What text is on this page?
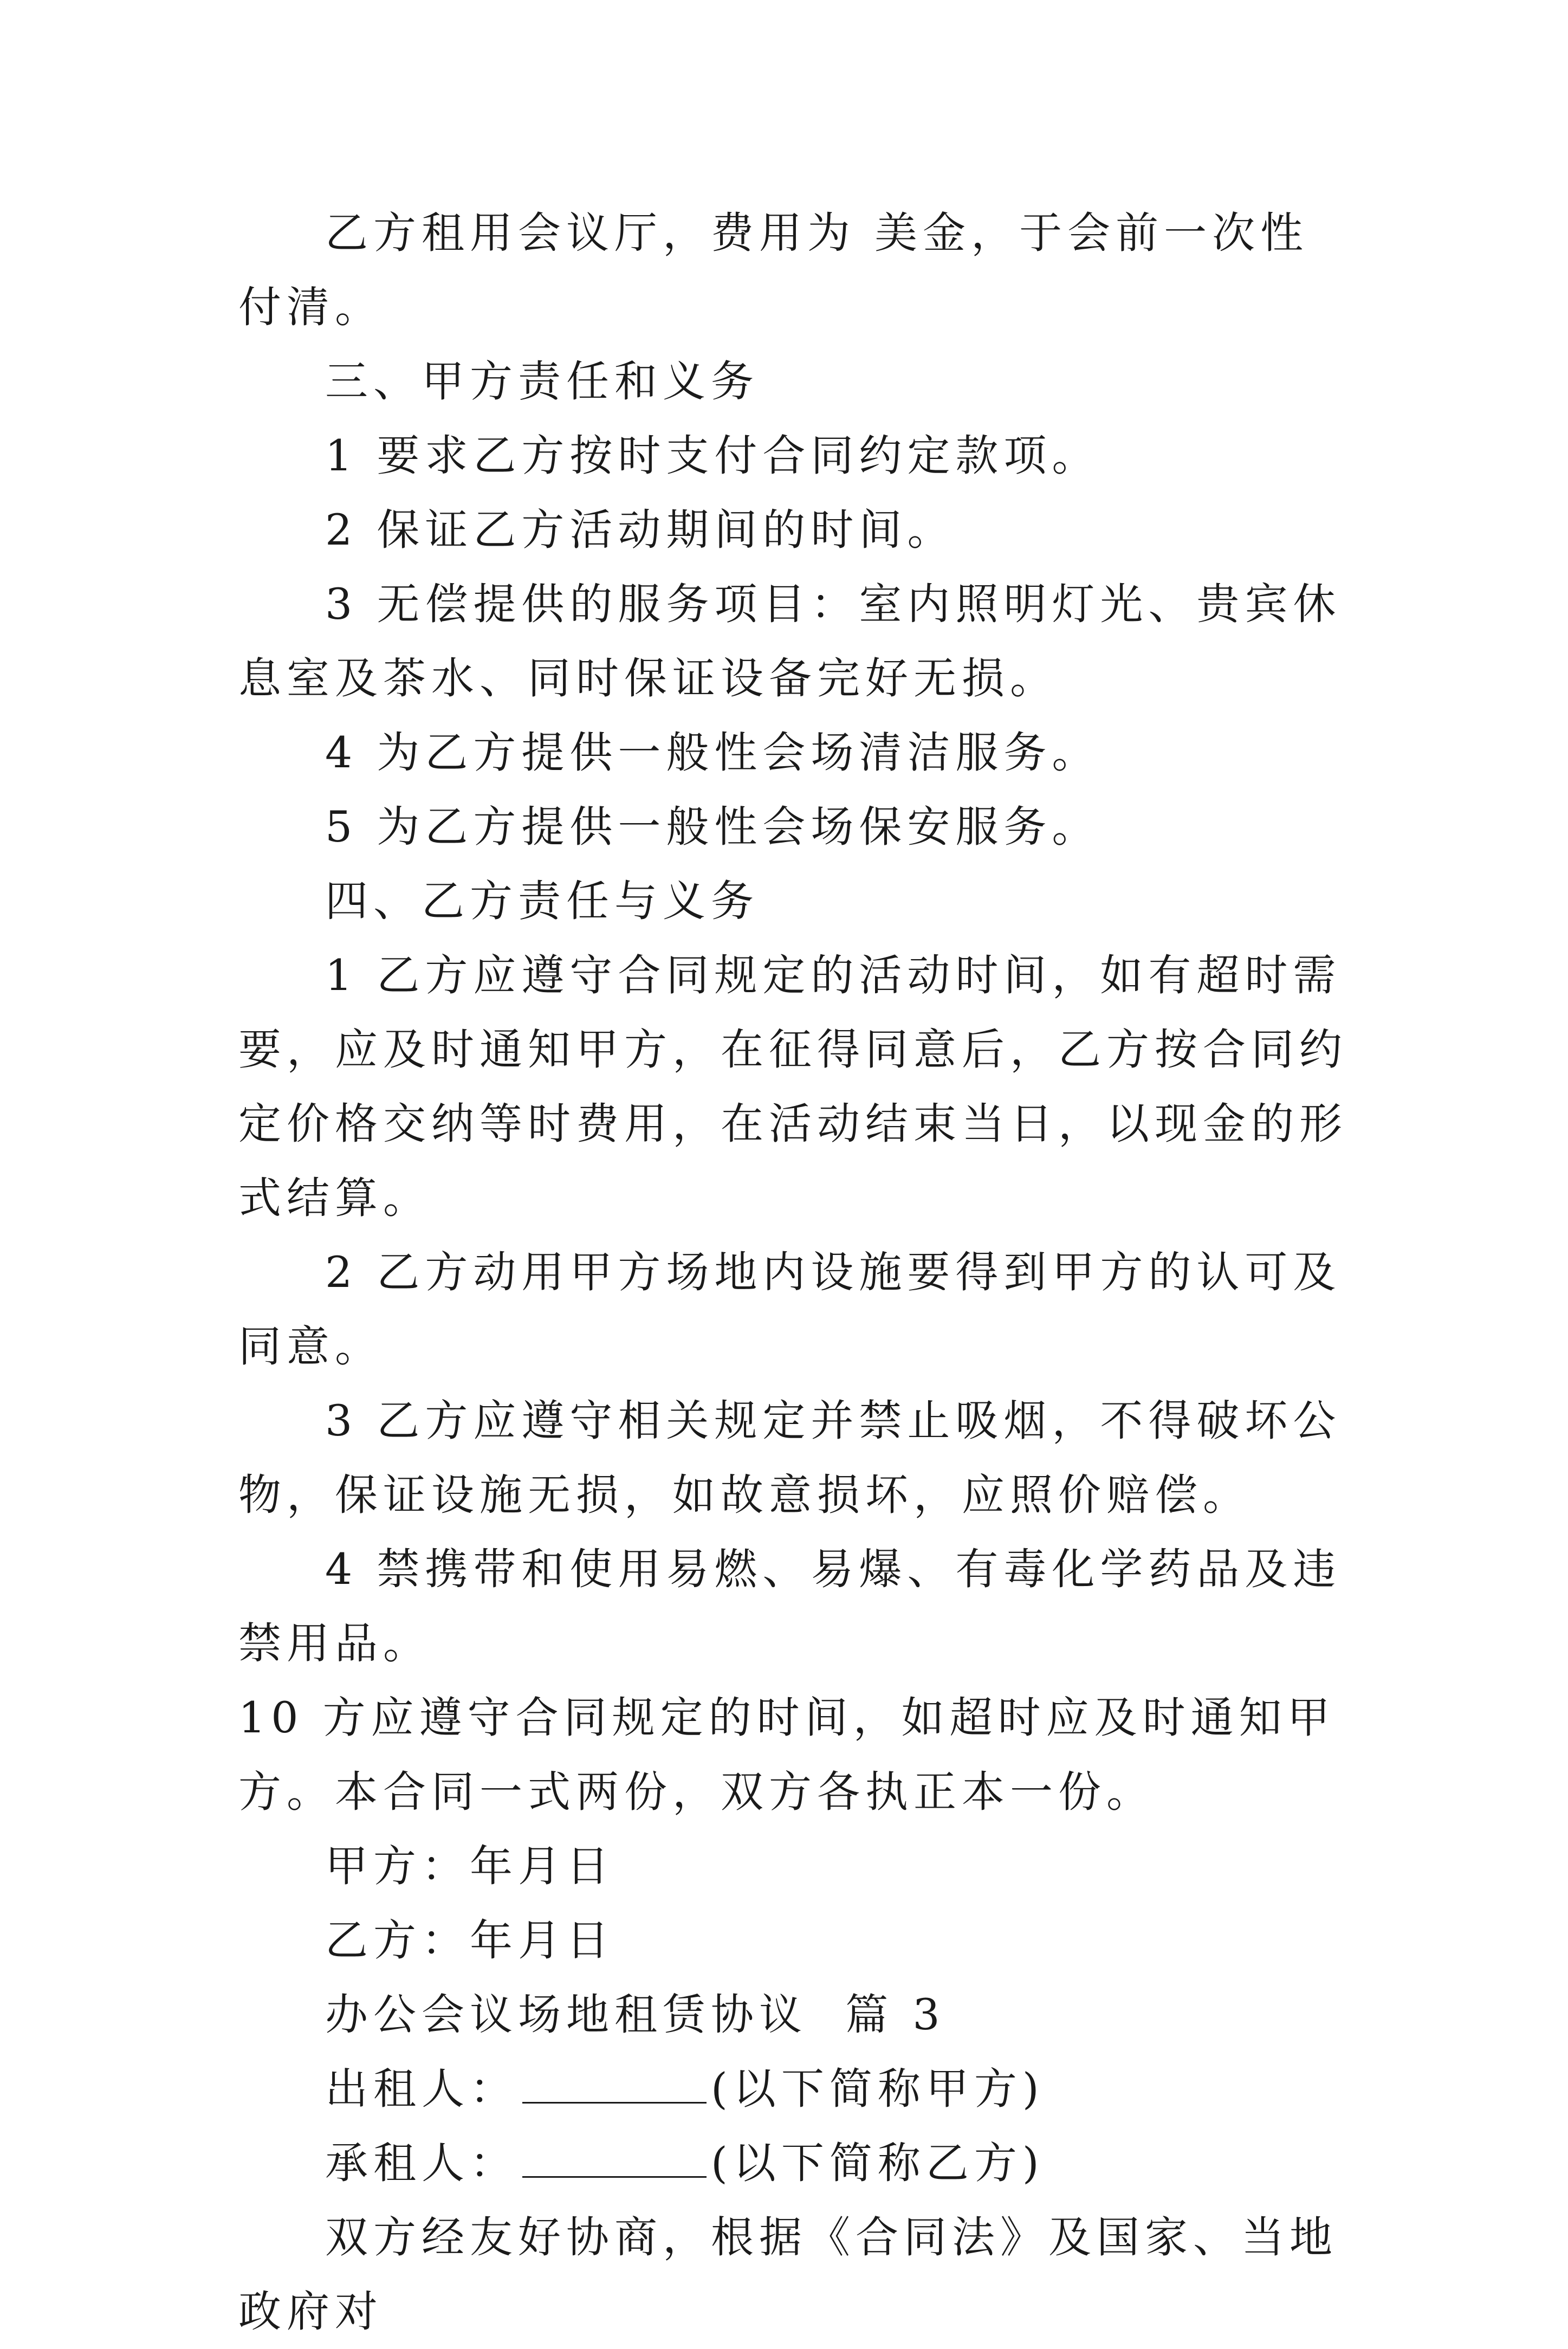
乙方租用会议厅，费用为 美金，于会前一次性付清。

三、甲方责任和义务

1 要求乙方按时支付合同约定款项。

2 保证乙方活动期间的时间。

3 无偿提供的服务项目：室内照明灯光、贵宾休息室及茶水、同时保证设备完好无损。

4 为乙方提供一般性会场清洁服务。

5 为乙方提供一般性会场保安服务。

四、乙方责任与义务

1 乙方应遵守合同规定的活动时间，如有超时需要，应及时通知甲方，在征得同意后，乙方按合同约定价格交纳等时费用，在活动结束当日，以现金的形式结算。

2 乙方动用甲方场地内设施要得到甲方的认可及同意。

3 乙方应遵守相关规定并禁止吸烟，不得破坏公物，保证设施无损，如故意损坏，应照价赔偿。

4 禁携带和使用易燃、易爆、有毒化学药品及违禁用品。

10 方应遵守合同规定的时间，如超时应及时通知甲方。本合同一式两份，双方各执正本一份。

甲方：年月日

乙方：年月日

办公会议场地租赁协议  篇 3

出租人：	(以下简称甲方)

承租人：	(以下简称乙方)

双方经友好协商，根据《合同法》及国家、当地政府对
